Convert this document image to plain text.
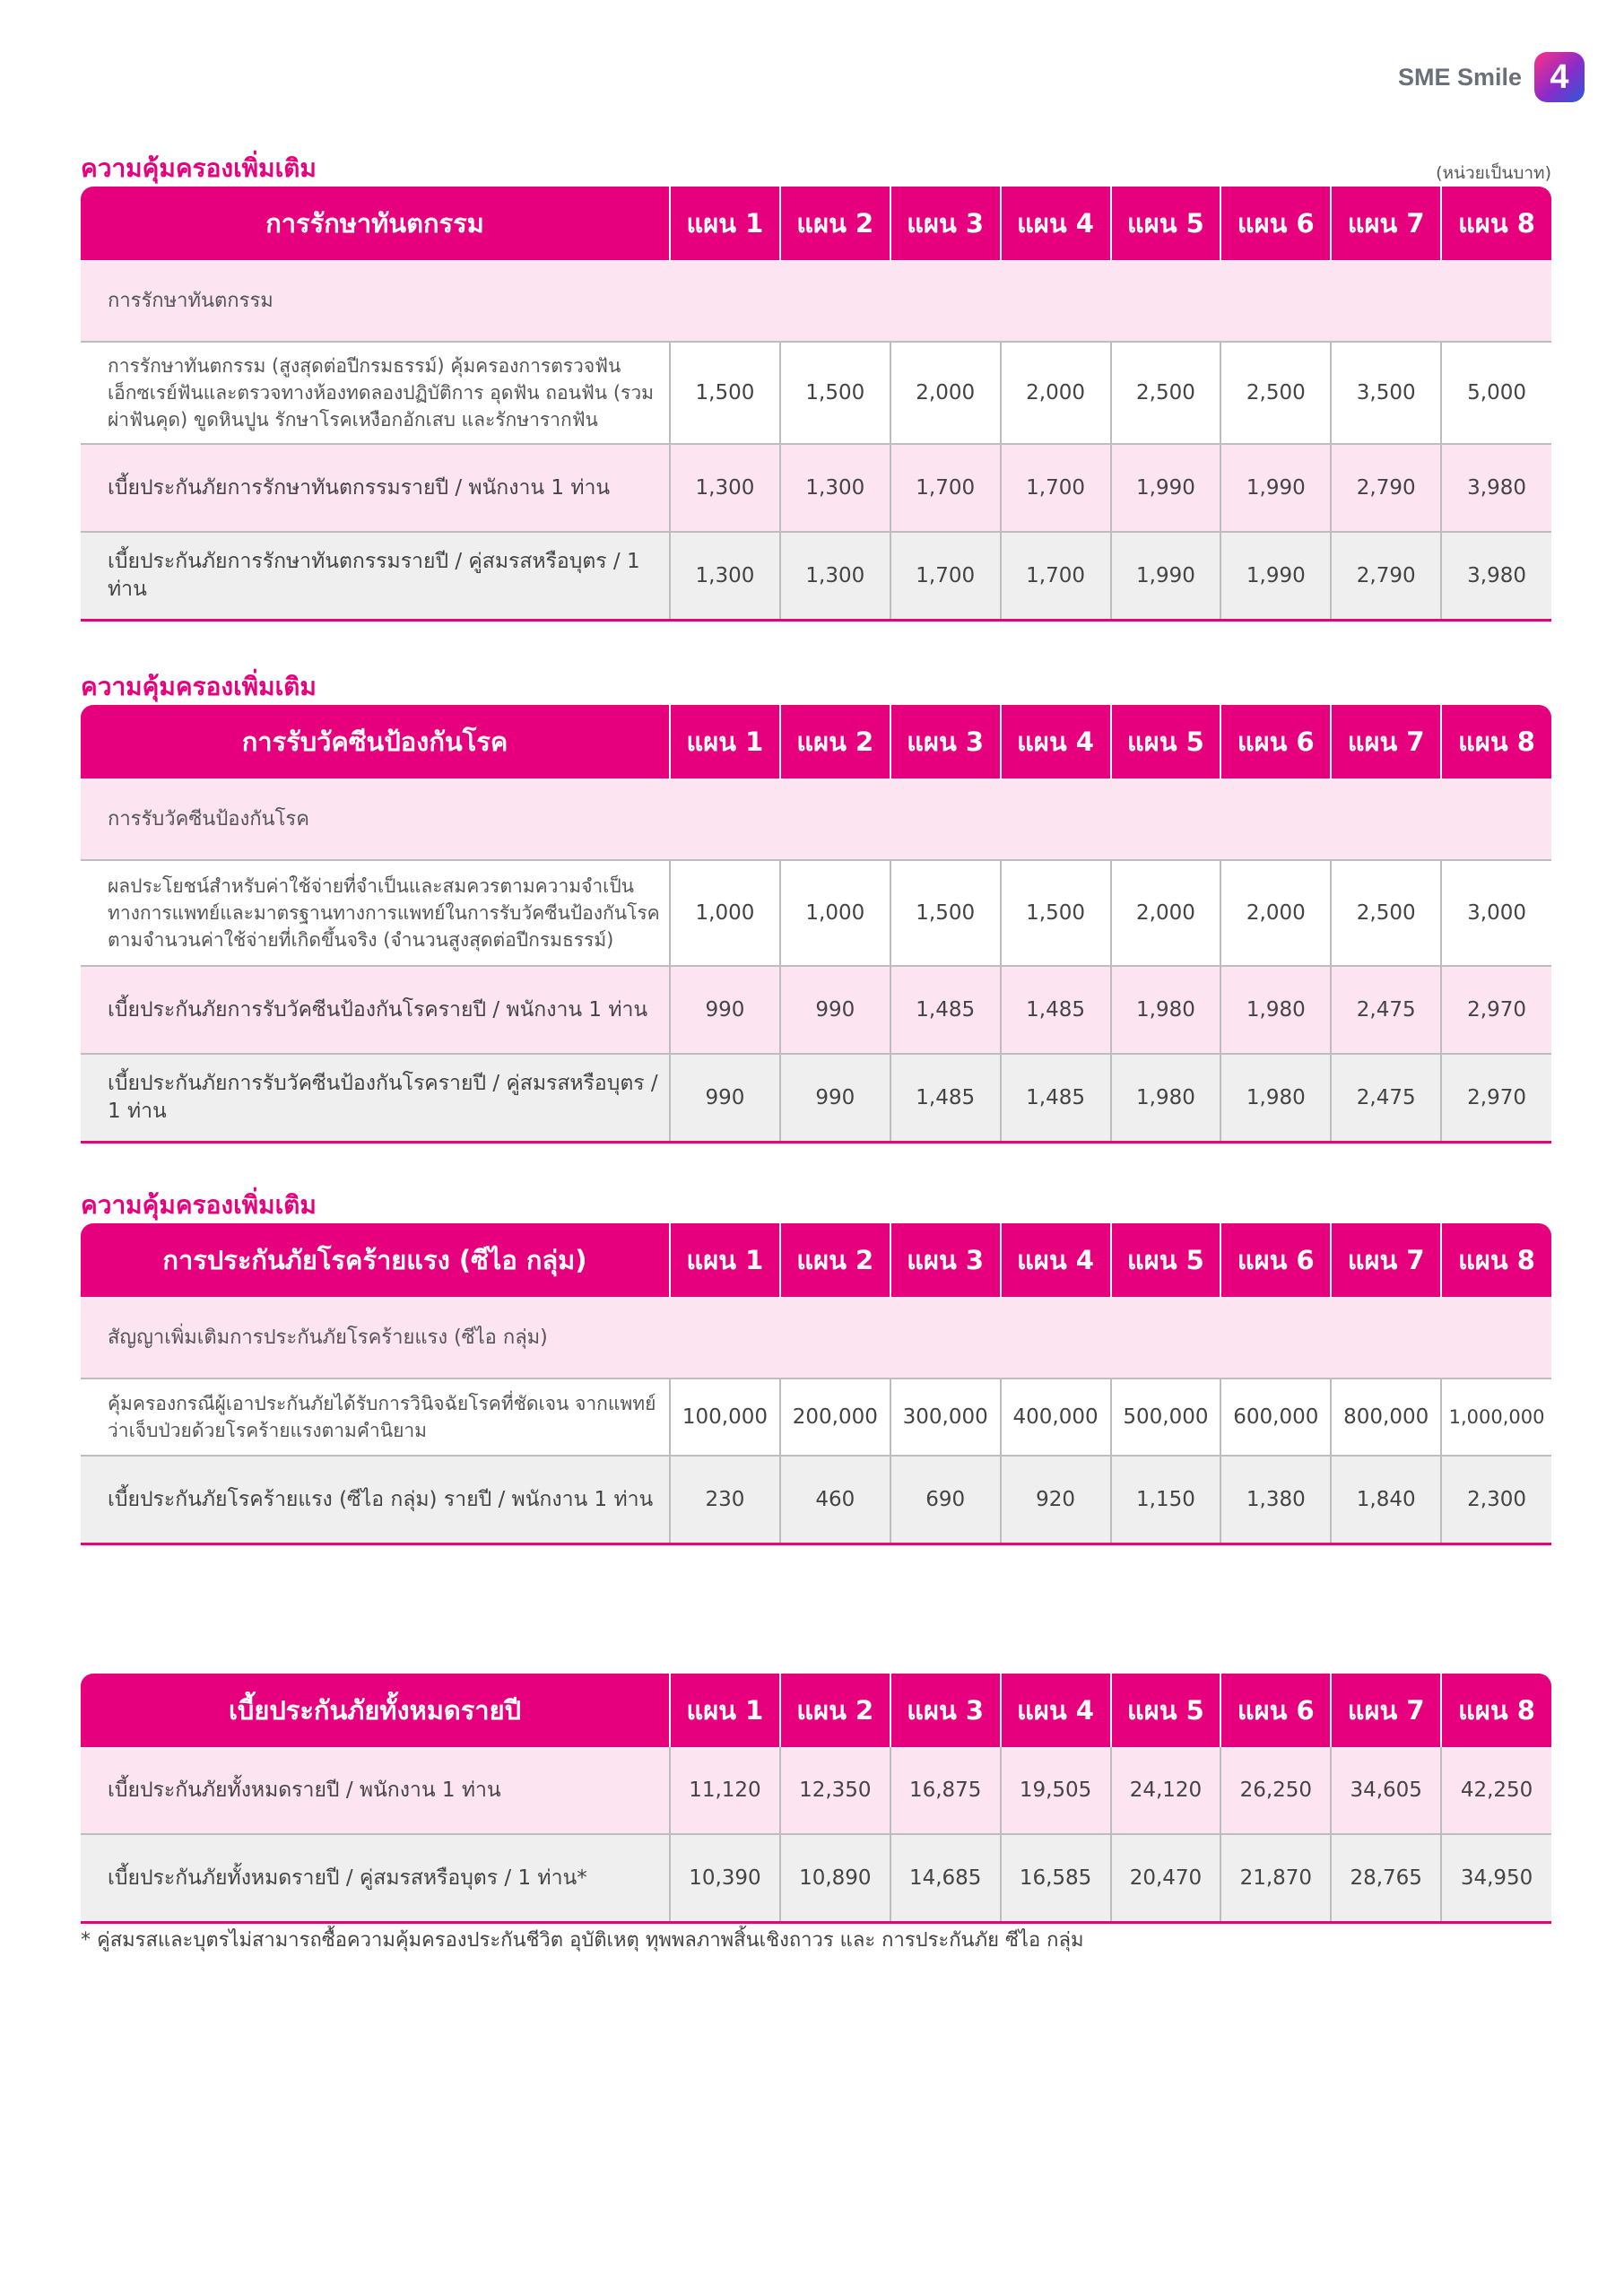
SME Smile 4
ความคุ้มครองเพิ่มเติม	(หน่วยเป็นบาท)
การรักษาทันตกรรม	แผน 1	แผน 2	แผน 3	แผน 4	แผน 5	แผน 6	แผน 7	แผน 8
การรักษาทันตกรรม								
การรักษาทันตกรรม (สูงสุดต่อปีกรมธรรม์) คุ้มครองการตรวจฟัน เอ็กซเรย์ฟันและตรวจทางห้องทดลองปฏิบัติการ อุดฟัน ถอนฟัน (รวมผ่าฟันคุด) ขูดหินปูน รักษาโรคเหงือกอักเสบ และรักษารากฟัน	1,500	1,500	2,000	2,000	2,500	2,500	3,500	5,000
เบี้ยประกันภัยการรักษาทันตกรรมรายปี / พนักงาน 1 ท่าน	1,300	1,300	1,700	1,700	1,990	1,990	2,790	3,980
เบี้ยประกันภัยการรักษาทันตกรรมรายปี / คู่สมรสหรือบุตร / 1 ท่าน	1,300	1,300	1,700	1,700	1,990	1,990	2,790	3,980
ความคุ้มครองเพิ่มเติม
การรับวัคซีนป้องกันโรค	แผน 1	แผน 2	แผน 3	แผน 4	แผน 5	แผน 6	แผน 7	แผน 8
การรับวัคซีนป้องกันโรค								
ผลประโยชน์สำหรับค่าใช้จ่ายที่จำเป็นและสมควรตามความจำเป็น ทางการแพทย์และมาตรฐานทางการแพทย์ในการรับวัคซีนป้องกันโรค ตามจำนวนค่าใช้จ่ายที่เกิดขึ้นจริง (จำนวนสูงสุดต่อปีกรมธรรม์)	1,000	1,000	1,500	1,500	2,000	2,000	2,500	3,000
เบี้ยประกันภัยการรับวัคซีนป้องกันโรครายปี / พนักงาน 1 ท่าน	990	990	1,485	1,485	1,980	1,980	2,475	2,970
เบี้ยประกันภัยการรับวัคซีนป้องกันโรครายปี / คู่สมรสหรือบุตร / 1 ท่าน	990	990	1,485	1,485	1,980	1,980	2,475	2,970
ความคุ้มครองเพิ่มเติม
การประกันภัยโรคร้ายแรง (ซีไอ กลุ่ม)	แผน 1	แผน 2	แผน 3	แผน 4	แผน 5	แผน 6	แผน 7	แผน 8
สัญญาเพิ่มเติมการประกันภัยโรคร้ายแรง (ซีไอ กลุ่ม)								
คุ้มครองกรณีผู้เอาประกันภัยได้รับการวินิจฉัยโรคที่ชัดเจน จากแพทย์ว่าเจ็บป่วยด้วยโรคร้ายแรงตามคำนิยาม	100,000	200,000	300,000	400,000	500,000	600,000	800,000	1,000,000
เบี้ยประกันภัยโรคร้ายแรง (ซีไอ กลุ่ม) รายปี / พนักงาน 1 ท่าน	230	460	690	920	1,150	1,380	1,840	2,300
เบี้ยประกันภัยทั้งหมดรายปี	แผน 1	แผน 2	แผน 3	แผน 4	แผน 5	แผน 6	แผน 7	แผน 8
เบี้ยประกันภัยทั้งหมดรายปี / พนักงาน 1 ท่าน	11,120	12,350	16,875	19,505	24,120	26,250	34,605	42,250
เบี้ยประกันภัยทั้งหมดรายปี / คู่สมรสหรือบุตร / 1 ท่าน*	10,390	10,890	14,685	16,585	20,470	21,870	28,765	34,950
* คู่สมรสและบุตรไม่สามารถซื้อความคุ้มครองประกันชีวิต อุบัติเหตุ ทุพพลภาพสิ้นเชิงถาวร และ การประกันภัย ซีไอ กลุ่ม
